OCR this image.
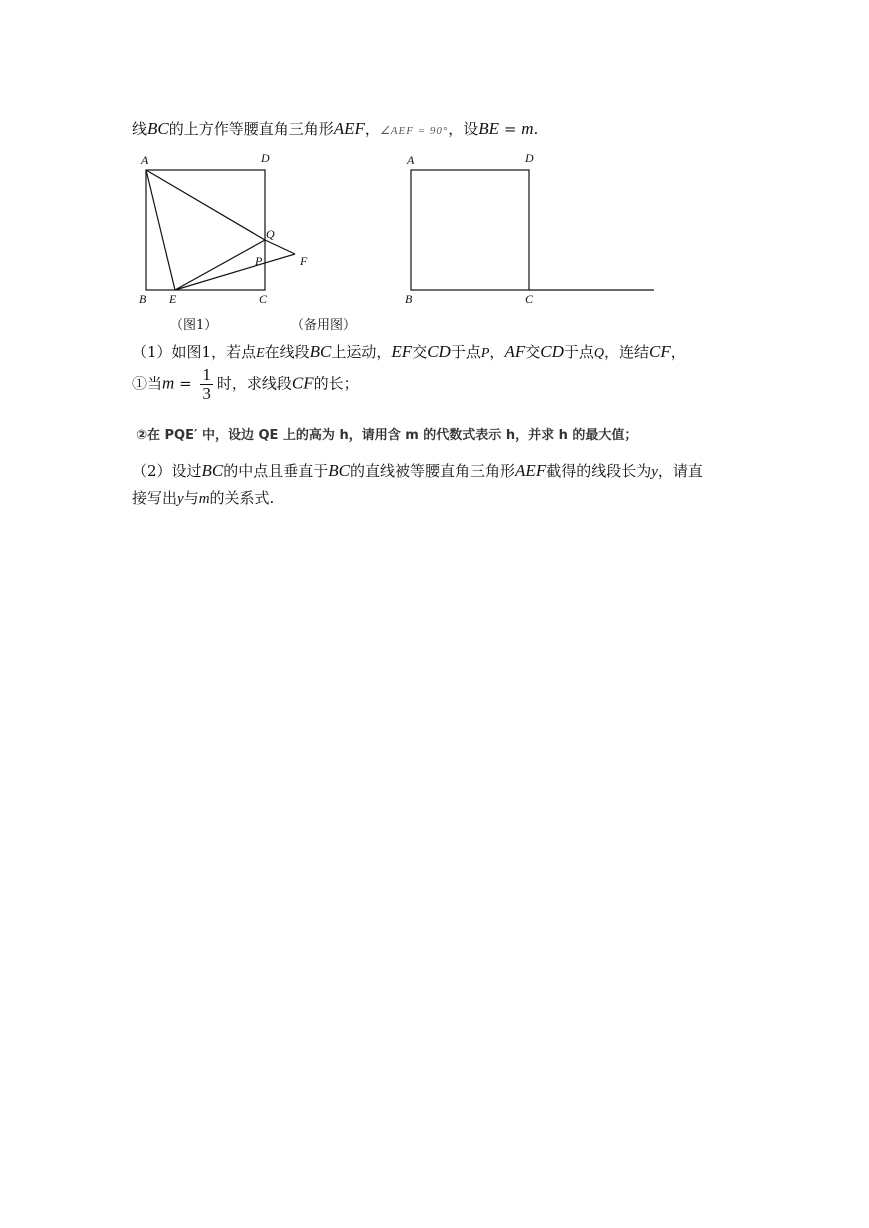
线BC的上方作等腰直角三角形AEF，∠AEF = 90°，设BE = m.
A	D
Q
P	F
B E	C
A	D
B	C
（图1）	（备用图）
（1）如图1，若点E在线段BC上运动，EF交CD于点P，AF交CD于点Q，连结CF，
①当$m = \frac{1}{3}$ 时，求线段CF的长；
②在 PQE′ 中，设边 QE 上的高为 h，请用含 m 的代数式表示 h，并求 h 的最大值；
（2）设过BC的中点且垂直于BC的直线被等腰直角三角形AEF截得的线段长为y，请直
接写出y与m的关系式.
